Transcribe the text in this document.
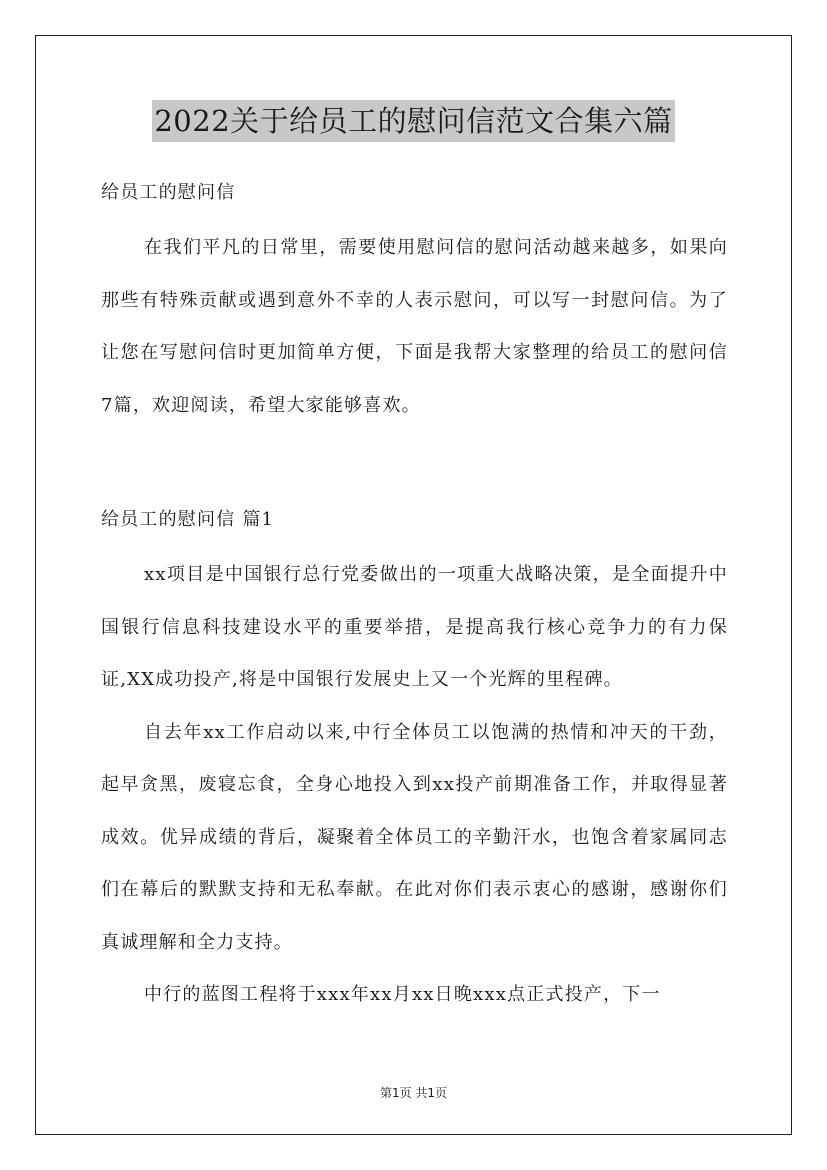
2022关于给员工的慰问信范文合集六篇
给员工的慰问信

在我们平凡的日常里，需要使用慰问信的慰问活动越来越多，如果向那些有特殊贡献或遇到意外不幸的人表示慰问，可以写一封慰问信。为了让您在写慰问信时更加简单方便，下面是我帮大家整理的给员工的慰问信7篇，欢迎阅读，希望大家能够喜欢。

给员工的慰问信 篇1

xx项目是中国银行总行党委做出的一项重大战略决策，是全面提升中国银行信息科技建设水平的重要举措，是提高我行核心竞争力的有力保证,XX成功投产,将是中国银行发展史上又一个光辉的里程碑。

自去年xx工作启动以来,中行全体员工以饱满的热情和冲天的干劲，起早贪黑，废寝忘食，全身心地投入到xx投产前期准备工作，并取得显著成效。优异成绩的背后，凝聚着全体员工的辛勤汗水，也饱含着家属同志们在幕后的默默支持和无私奉献。在此对你们表示衷心的感谢，感谢你们真诚理解和全力支持。

中行的蓝图工程将于xxx年xx月xx日晚xxx点正式投产，下一

第1页 共1页
